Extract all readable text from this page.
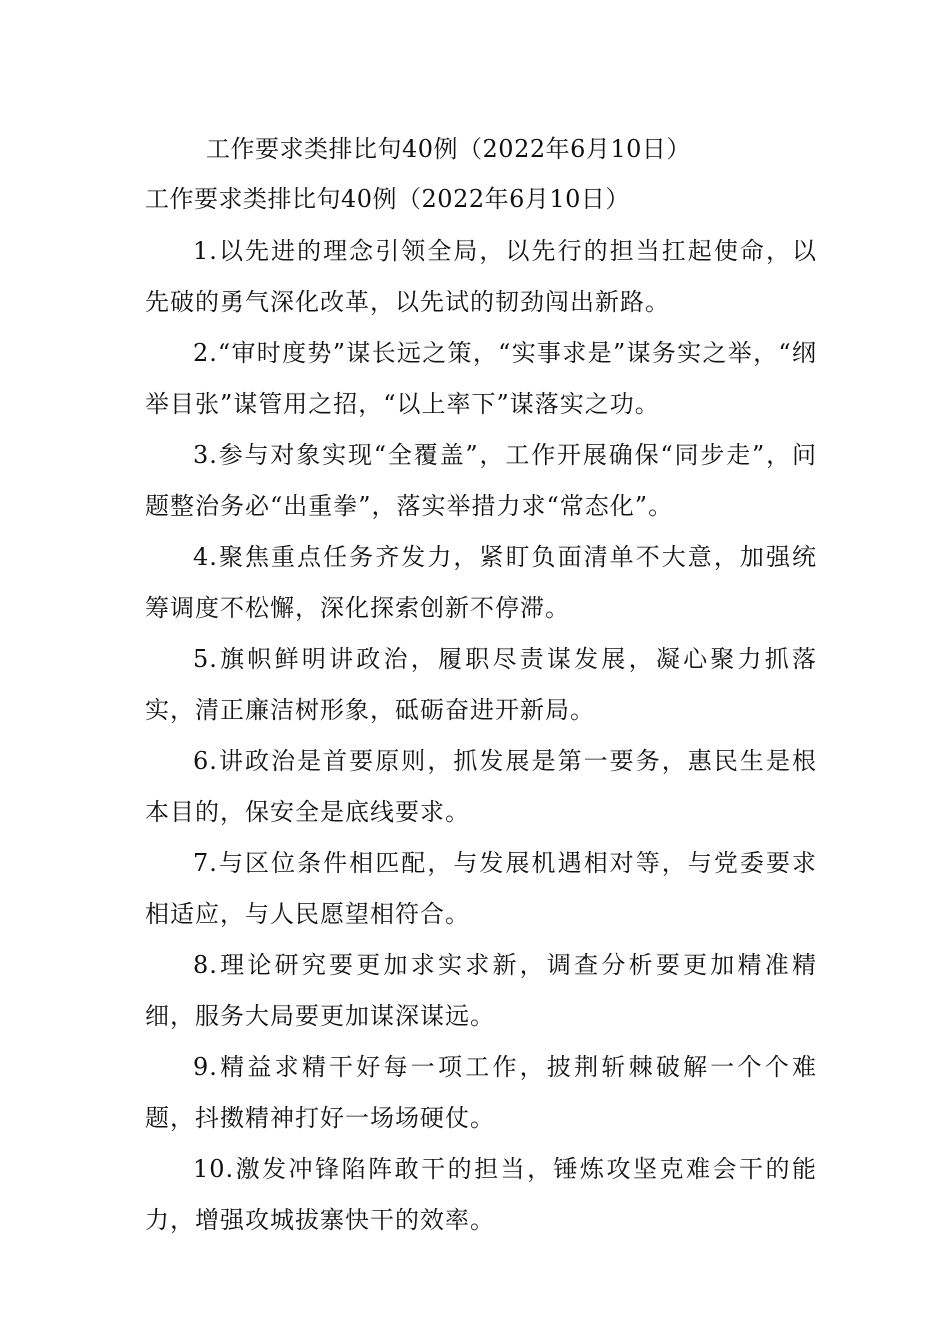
工作要求类排比句40例（2022年6月10日）
工作要求类排比句40例（2022年6月10日）

1.以先进的理念引领全局，以先行的担当扛起使命，以先破的勇气深化改革，以先试的韧劲闯出新路。

2.“审时度势”谋长远之策，“实事求是”谋务实之举，“纲举目张”谋管用之招，“以上率下”谋落实之功。

3.参与对象实现“全覆盖”，工作开展确保“同步走”，问题整治务必“出重拳”，落实举措力求“常态化”。

4.聚焦重点任务齐发力，紧盯负面清单不大意，加强统筹调度不松懈，深化探索创新不停滞。

5.旗帜鲜明讲政治，履职尽责谋发展，凝心聚力抓落实，清正廉洁树形象，砥砺奋进开新局。

6.讲政治是首要原则，抓发展是第一要务，惠民生是根本目的，保安全是底线要求。

7.与区位条件相匹配，与发展机遇相对等，与党委要求相适应，与人民愿望相符合。

8.理论研究要更加求实求新，调查分析要更加精准精细，服务大局要更加谋深谋远。

9.精益求精干好每一项工作，披荆斩棘破解一个个难题，抖擞精神打好一场场硬仗。

10.激发冲锋陷阵敢干的担当，锤炼攻坚克难会干的能力，增强攻城拔寨快干的效率。
